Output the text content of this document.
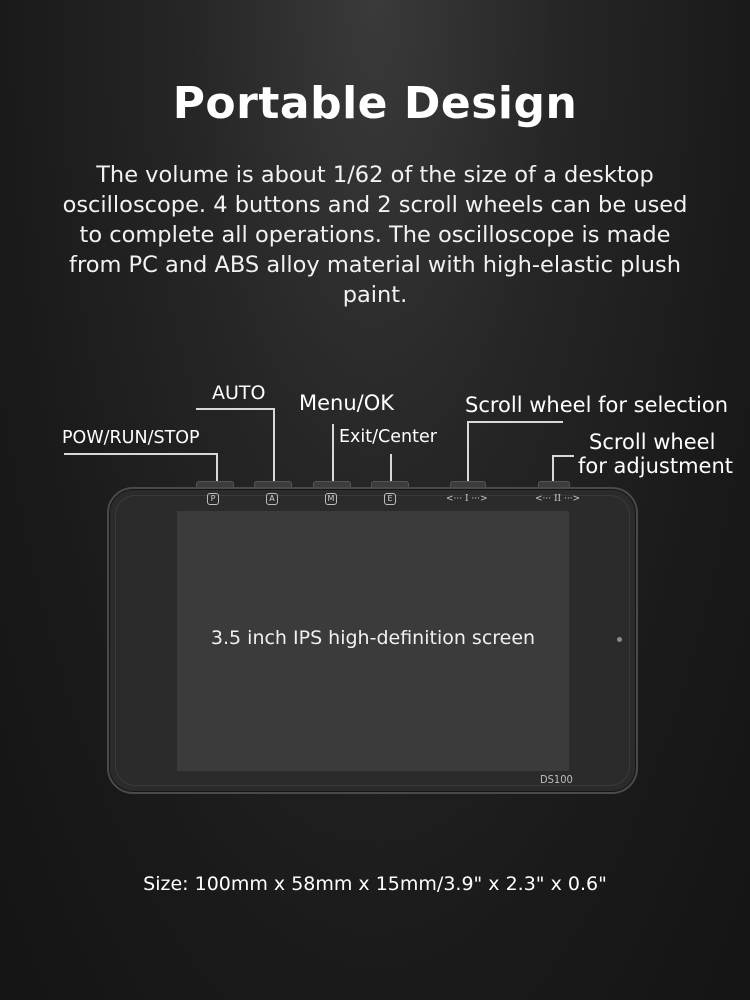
Portable Design
The volume is about 1/62 of the size of a desktop oscilloscope. 4 buttons and 2 scroll wheels can be used to complete all operations. The oscilloscope is made from PC and ABS alloy material with high-elastic plush paint.
POW/RUN/STOP
AUTO Menu/OK
Exit/Center
Scroll wheel for selection
Scroll wheel
for adjustment
P	A	M	E	<··· I ···>	<··· II ···>
3.5 inch IPS high-definition screen
DS100
Size: 100mm x 58mm x 15mm/3.9" x 2.3" x 0.6"
